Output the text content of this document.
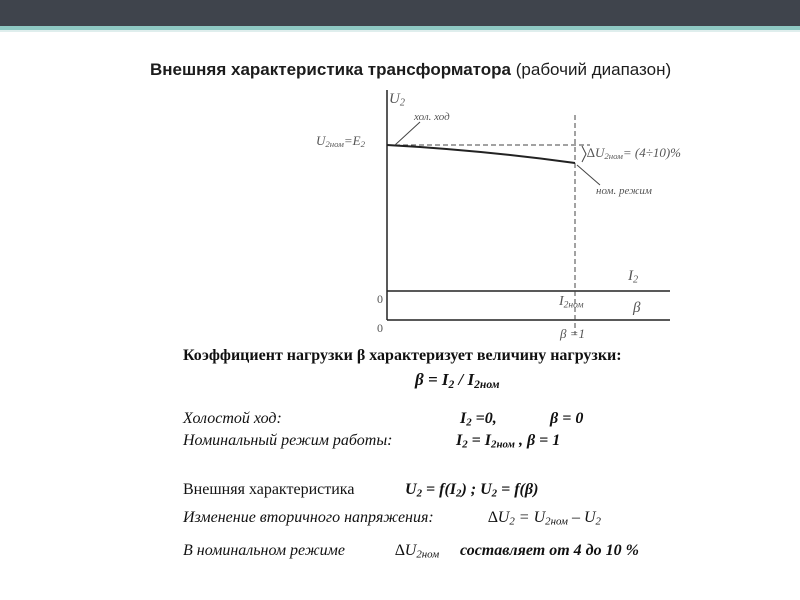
Внешняя характеристика трансформатора (рабочий диапазон)
$U_2$
$U_{2ном}=E_2$
хол. ход
$\Delta U_{2ном}= (4\div 10)\%$
ном. режим
$I_2$
0
0
$I_{2ном}$	β
β =1
Коэффициент нагрузки β характеризует величину нагрузки:
$\beta = I_2 / I_{2ном}$
Холостой ход:	$I_2 =0$,	β = 0
Номинальный режим работы:	$I_2 = I_{2ном}$ , β = 1
Внешняя характеристика	$U_2 = f(I_2)$ ; $U_2 = f(\beta)$
Изменение вторичного напряжения:	$\Delta U_2 = U_{2ном} - U_2$
В номинальном режиме	$\Delta U_{2ном}$ составляет от 4 до 10 %
